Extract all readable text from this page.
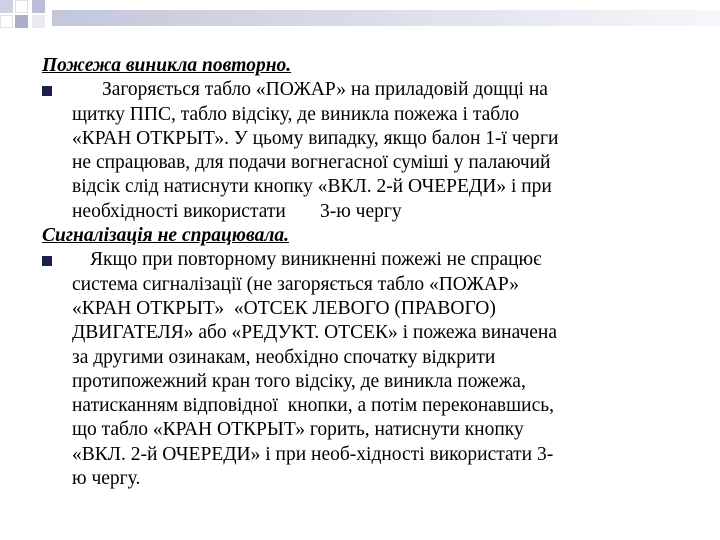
Пожежа виникла повторно.

Загоряється табло «ПОЖАР» на приладовій дощці на
щитку ППС, табло відсіку, де виникла пожежа і табло
«КРАН ОТКРЫТ». У цьому випадку, якщо балон 1-ї черги
не спрацював, для подачи вогнегасної суміші у палаючий
відсік слід натиснути кнопку «ВКЛ. 2-й ОЧЕРЕДИ» і при
необхідності використати       3-ю чергу

Сигналізація не спрацювала.

Якщо при повторному виникненні пожежі не спрацює
система сигналізації (не загоряється табло «ПОЖАР»
«КРАН ОТКРЫТ»  «ОТСЕК ЛЕВОГО (ПРАВОГО)
ДВИГАТЕЛЯ» або «РЕДУКТ. ОТСЕК» і пожежа виначена
за другими озинакам, необхідно спочатку відкрити
протипожежний кран того відсіку, де виникла пожежа,
натисканням відповідної  кнопки, а потім переконавшись,
що табло «КРАН ОТКРЫТ» горить, натиснути кнопку
«ВКЛ. 2-й ОЧЕРЕДИ» і при необ-хідності використати 3-
ю чергу.
